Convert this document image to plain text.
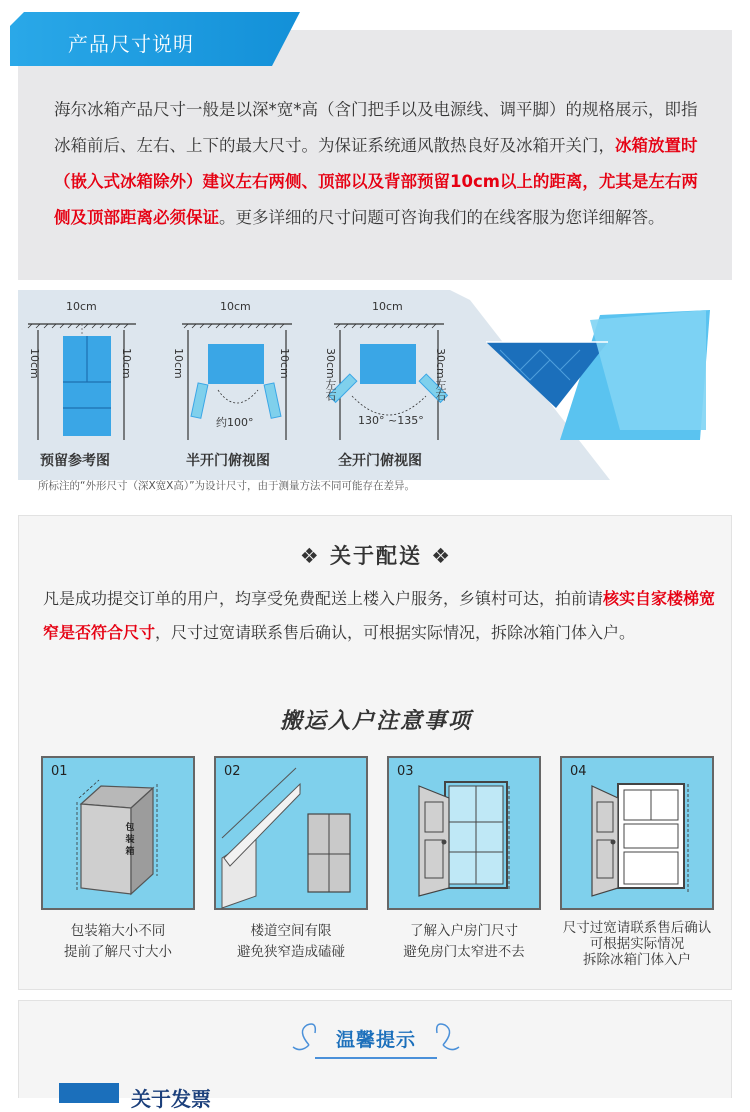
产品尺寸说明

海尔冰箱产品尺寸一般是以深*宽*高（含门把手以及电源线、调平脚）的规格展示，即指冰箱前后、左右、上下的最大尺寸。为保证系统通风散热良好及冰箱开关门，冰箱放置时（嵌入式冰箱除外）建议左右两侧、顶部以及背部预留10cm以上的距离，尤其是左右两侧及顶部距离必须保证。更多详细的尺寸问题可咨询我们的在线客服为您详细解答。

10cm
10cm	10cm
预留参考图
10cm
10cm	10cm
约100°
半开门俯视图
10cm
30cm左右	30cm左右
130° ~135°
全开门俯视图
所标注的“外形尺寸（深X宽X高）”为设计尺寸，由于测量方法不同可能存在差异。
❖ 关于配送 ❖

凡是成功提交订单的用户，均享受免费配送上楼入户服务，乡镇村可达，拍前请核实自家楼梯宽窄是否符合尺寸，尺寸过宽请联系售后确认，可根据实际情况，拆除冰箱门体入户。

搬运入户注意事项
01
包装箱
包装箱大小不同
提前了解尺寸大小
02
楼道空间有限
避免狭窄造成磕碰
03
了解入户房门尺寸
避免房门太窄进不去
04
尺寸过宽请联系售后确认
可根据实际情况
拆除冰箱门体入户
温馨提示
关于发票
